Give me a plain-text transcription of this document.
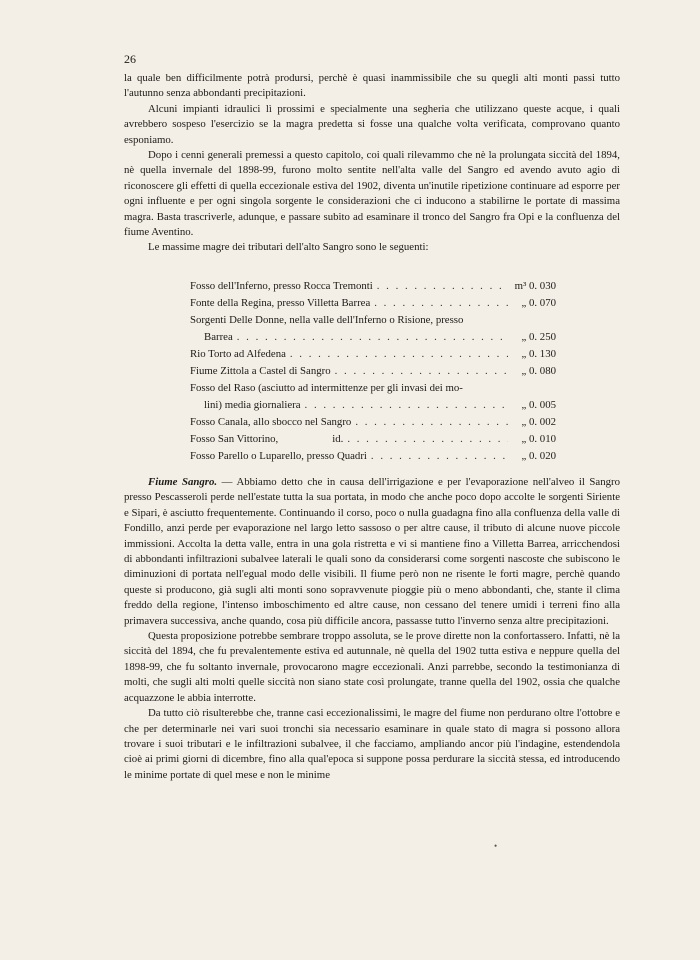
26

la quale ben difficilmente potrà prodursi, perchè è quasi inammissibile che su quegli alti monti passi tutto l'autunno senza abbondanti precipitazioni.

Alcuni impianti idraulici lì prossimi e specialmente una segheria che utilizzano queste acque, i quali avrebbero sospeso l'esercizio se la magra predetta si fosse una qualche volta verificata, comprovano quanto esponiamo.

Dopo i cenni generali premessi a questo capitolo, coi quali rilevammo che nè la prolungata siccità del 1894, nè quella invernale del 1898-99, furono molto sentite nell'alta valle del Sangro ed avendo avuto agio di riconoscere gli effetti di quella eccezionale estiva del 1902, diventa un'inutile ripetizione continuare ad esporre per ogni influente e per ogni singola sorgente le considerazioni che ci inducono a stabilirne le portate di massima magra. Basta trascriverle, adunque, e passare subito ad esaminare il tronco del Sangro fra Opi e la confluenza del fiume Aventino.

Le massime magre dei tributari dell'alto Sangro sono le seguenti:

Fosso dell'Inferno, presso Rocca Tremonti . . .	m³ 0. 030
Fonte della Regina, presso Villetta Barrea . . .	„ 0. 070
Sorgenti Delle Donne, nella valle dell'Inferno o Risione, presso
Barrea . . .	„ 0. 250
Rio Torto ad Alfedena . . .	„ 0. 130
Fiume Zittola a Castel di Sangro . . .	„ 0. 080
Fosso del Raso (asciutto ad intermittenze per gli invasi dei mo-
lini) media giornaliera . . .	„ 0. 005
Fosso Canala, allo sbocco nel Sangro . . .	„ 0. 002
Fosso San Vittorino,	id. . . .	„ 0. 010
Fosso Parello o Luparello, presso Quadri . . .	„ 0. 020

Fiume Sangro. — Abbiamo detto che in causa dell'irrigazione e per l'evaporazione nell'alveo il Sangro presso Pescasseroli perde nell'estate tutta la sua portata, in modo che anche poco dopo accolte le sorgenti Siriente e Sipari, è asciutto frequentemente. Continuando il corso, poco o nulla guadagna fino alla confluenza della valle di Fondillo, anzi perde per evaporazione nel largo letto sassoso o per altre cause, il tributo di alcune nuove piccole immissioni. Accolta la detta valle, entra in una gola ristretta e vi si mantiene fino a Villetta Barrea, arricchendosi di abbondanti infiltrazioni subalvee laterali le quali sono da considerarsi come sorgenti nascoste che subiscono le diminuzioni di portata nell'egual modo delle visibili. Il fiume però non ne risente le forti magre, perchè quando queste si producono, già sugli alti monti sono sopravvenute pioggie più o meno abbondanti, che, stante il clima freddo della regione, l'intenso imboschimento ed altre cause, non cessano del tenere umidi i terreni fino alla primavera successiva, anche quando, cosa più difficile ancora, passasse tutto l'inverno senza altre precipitazioni.

Questa proposizione potrebbe sembrare troppo assoluta, se le prove dirette non la confortassero. Infatti, nè la siccità del 1894, che fu prevalentemente estiva ed autunnale, nè quella del 1902 tutta estiva e neppure quella del 1898-99, che fu soltanto invernale, provocarono magre eccezionali. Anzi parrebbe, secondo la testimonianza di molti, che sugli alti molti quelle siccità non siano state così prolungate, tranne quella del 1902, ossia che qualche acquazzone le abbia interrotte.

Da tutto ciò risulterebbe che, tranne casi eccezionalissimi, le magre del fiume non perdurano oltre l'ottobre e che per determinarle nei vari suoi tronchi sia necessario esaminare in quale stato di magra si possono allora trovare i suoi tributari e le infiltrazioni subalvee, il che facciamo, ampliando ancor più l'indagine, estendendola cioè ai primi giorni di dicembre, fino alla qual'epoca si suppone possa perdurare la siccità stessa, ed introducendo le minime portate di quel mese e non le minime

•
